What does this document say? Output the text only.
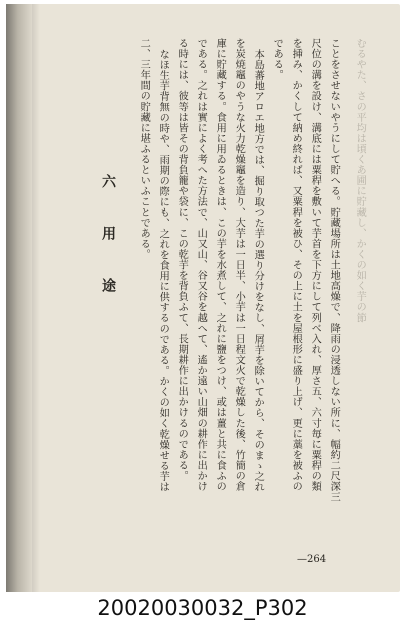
むるやた、さの平均は頃くあ圃に貯藏し、かくの如く芋の節
ことをさせないやうにして貯へる。貯藏場所は土地高燥で、降雨の浸透しない所に、幅約二尺深三
尺位の溝を設け、溝底には粟稈を敷いて芋首を下方にして列べ入れ、厚さ五、六寸毎に粟稈の類
を挿み、かくして納め終れば、又粟稈を被ひ、その上に土を屋根形に盛り上げ、更に藁を被ふの
である。
本島蕃地アロエ地方では、掘り取つた芋の選り分けをなし、屑芋を除いてから、そのまゝ之れ
を炭焼竈のやうな火力乾燥竈を造り、大芋は一日半、小芋は一日程文火で乾燥した後、竹簡の倉
庫に貯藏する。食用に用ゐるときは、この芋を水煮して、之れに鹽をつけ、或は薑と共に食ふの
である。之れは實によく考へた方法で、山又山、谷又谷を越へて、遙か遠い山畑の耕作に出かけ
る時には、彼等は皆その背負籠や袋に、この乾芋を背負ふて、長期耕作に出かけるのである。
なほ生芋背無の時や、雨期の際にも、之れを食用に供するのである。かくの如く乾燥せる芋は
二、三年間の貯藏に堪ふるといふことである。
六　用　途
—264
20020030032_P302
